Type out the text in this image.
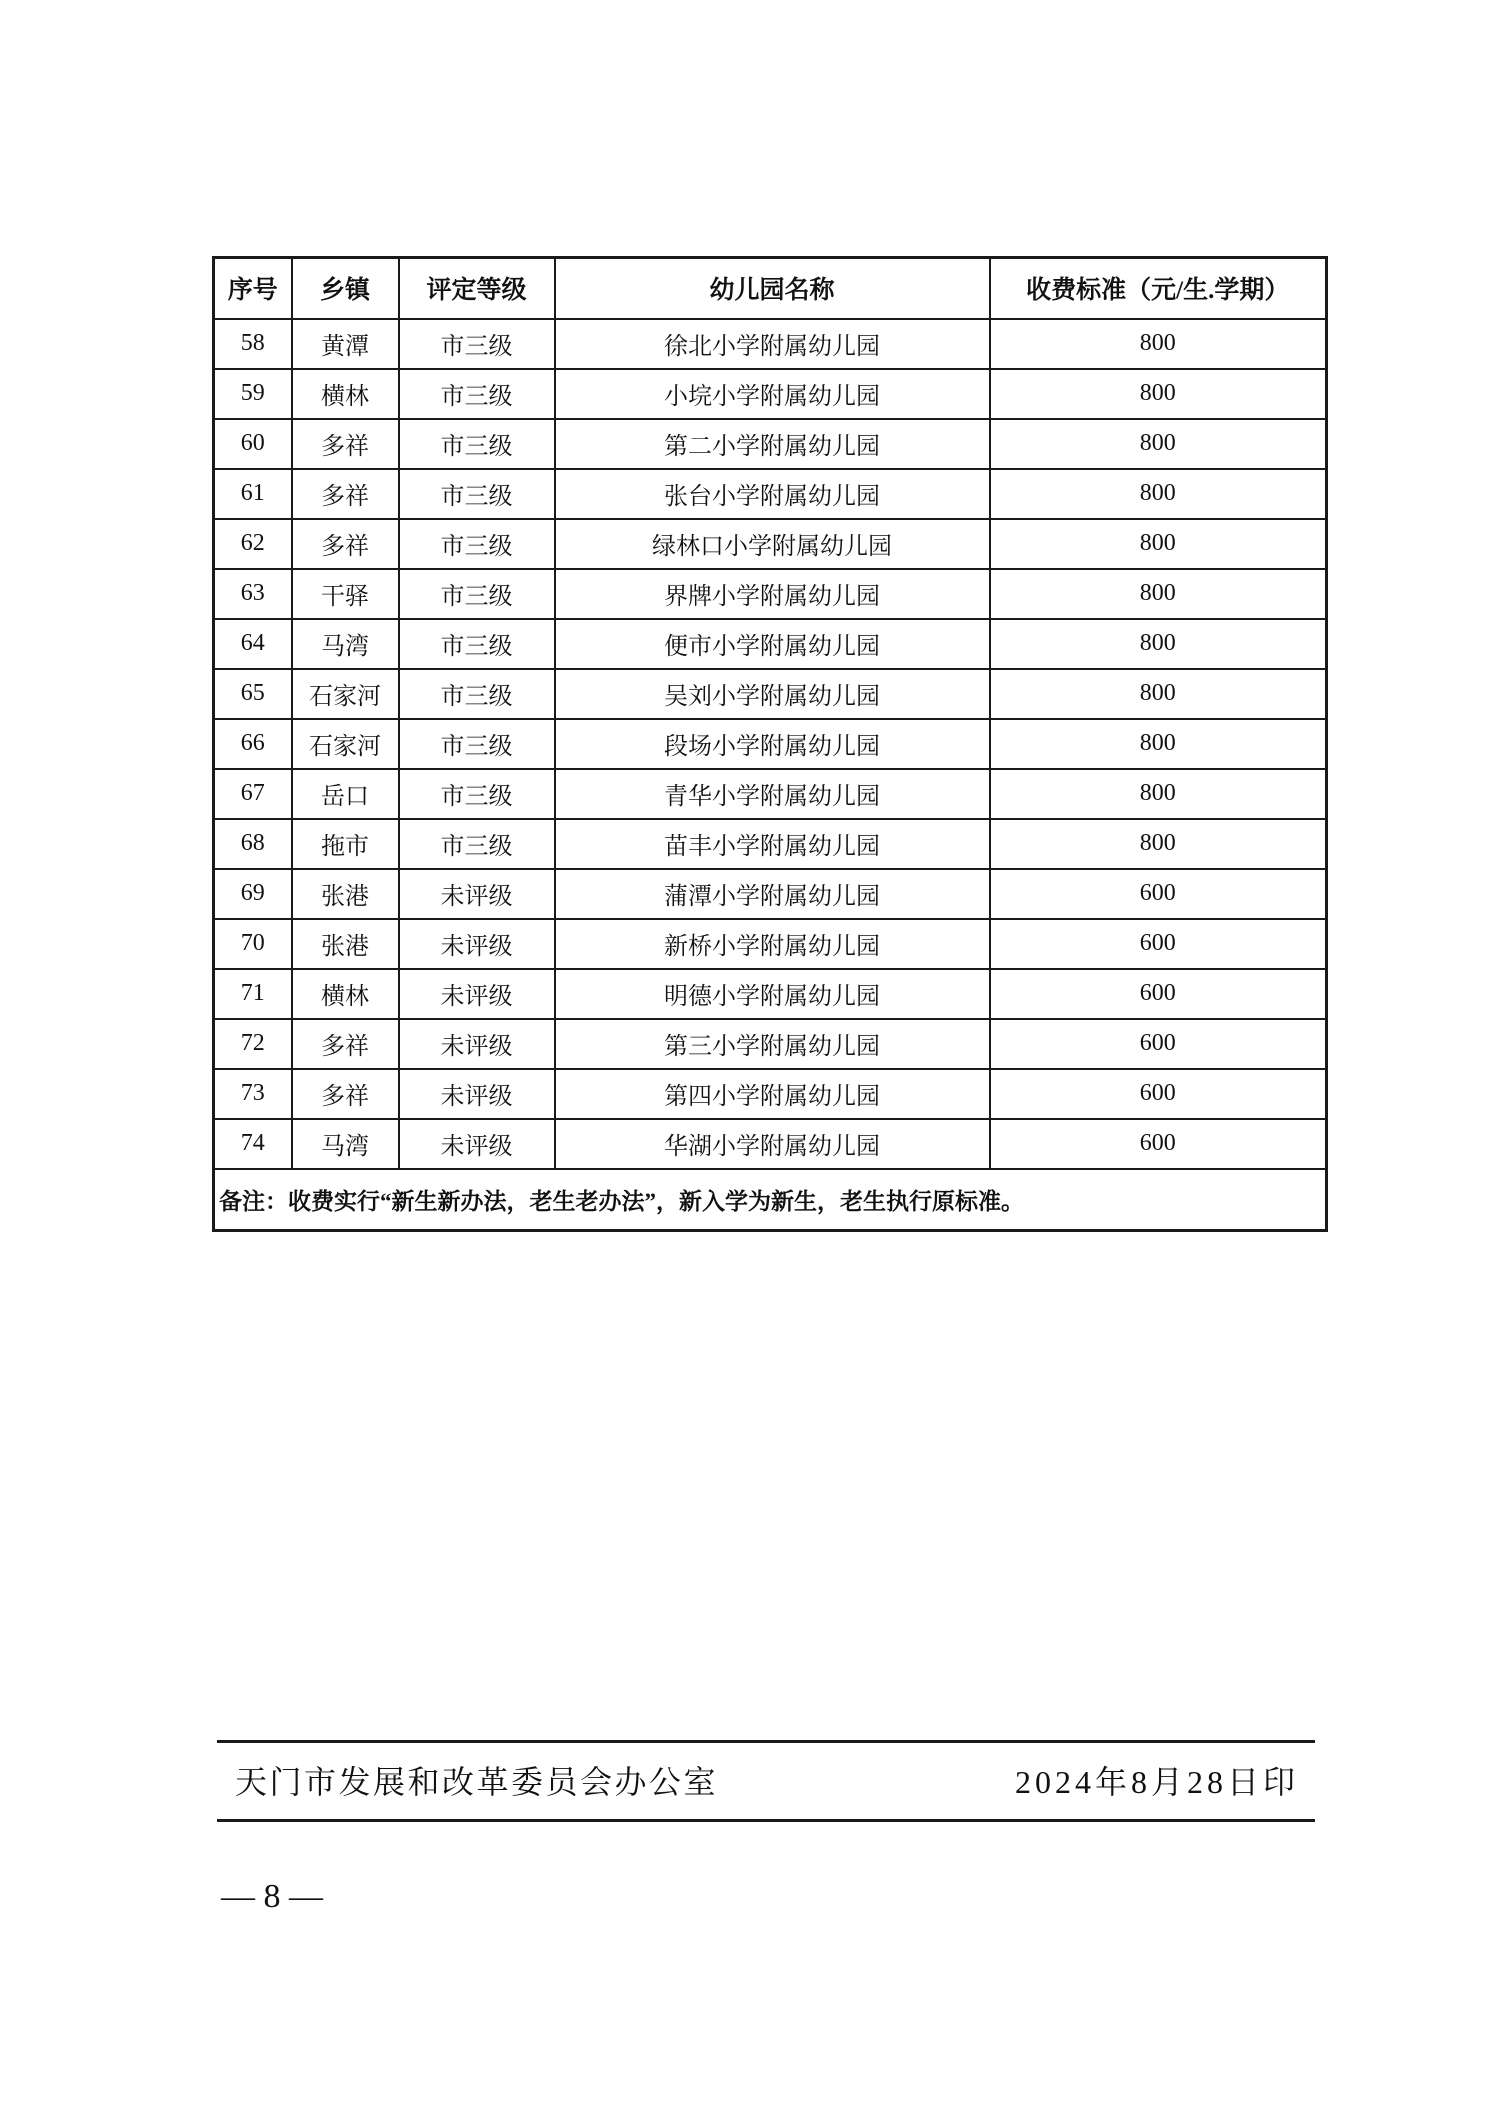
序号	乡镇	评定等级	幼儿园名称	收费标准（元/生.学期）
58	黄潭	市三级	徐北小学附属幼儿园	800
59	横林	市三级	小垸小学附属幼儿园	800
60	多祥	市三级	第二小学附属幼儿园	800
61	多祥	市三级	张台小学附属幼儿园	800
62	多祥	市三级	绿林口小学附属幼儿园	800
63	干驿	市三级	界牌小学附属幼儿园	800
64	马湾	市三级	便市小学附属幼儿园	800
65	石家河	市三级	吴刘小学附属幼儿园	800
66	石家河	市三级	段场小学附属幼儿园	800
67	岳口	市三级	青华小学附属幼儿园	800
68	拖市	市三级	苗丰小学附属幼儿园	800
69	张港	未评级	蒲潭小学附属幼儿园	600
70	张港	未评级	新桥小学附属幼儿园	600
71	横林	未评级	明德小学附属幼儿园	600
72	多祥	未评级	第三小学附属幼儿园	600
73	多祥	未评级	第四小学附属幼儿园	600
74	马湾	未评级	华湖小学附属幼儿园	600
备注：收费实行“新生新办法，老生老办法”，新入学为新生，老生执行原标准。				
天门市发展和改革委员会办公室	2024年8月28日印
— 8 —
